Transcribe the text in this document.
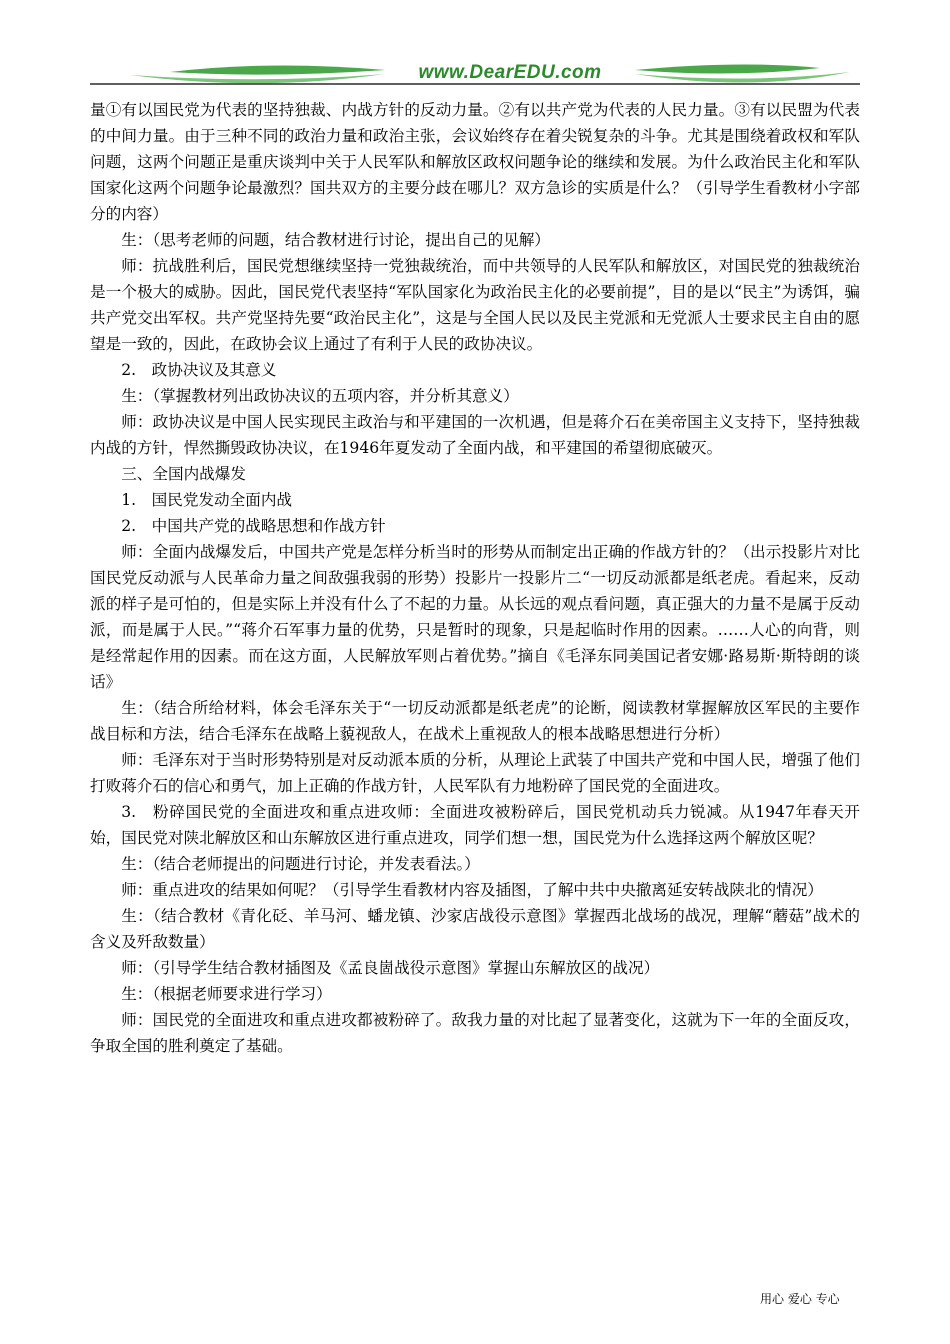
www.DearEDU.com

量①有以国民党为代表的坚持独裁、内战方针的反动力量。②有以共产党为代表的人民力量。③有以民盟为代表的中间力量。由于三种不同的政治力量和政治主张，会议始终存在着尖锐复杂的斗争。尤其是围绕着政权和军队问题，这两个问题正是重庆谈判中关于人民军队和解放区政权问题争论的继续和发展。为什么政治民主化和军队国家化这两个问题争论最激烈？国共双方的主要分歧在哪儿？双方急诊的实质是什么？（引导学生看教材小字部分的内容）

生：（思考老师的问题，结合教材进行讨论，提出自己的见解）

师：抗战胜利后，国民党想继续坚持一党独裁统治，而中共领导的人民军队和解放区，对国民党的独裁统治是一个极大的威胁。因此，国民党代表坚持“军队国家化为政治民主化的必要前提”，目的是以“民主”为诱饵，骗共产党交出军权。共产党坚持先要“政治民主化”，这是与全国人民以及民主党派和无党派人士要求民主自由的愿望是一致的，因此，在政协会议上通过了有利于人民的政协决议。

2.　政协决议及其意义

生：（掌握教材列出政协决议的五项内容，并分析其意义）

师：政协决议是中国人民实现民主政治与和平建国的一次机遇，但是蒋介石在美帝国主义支持下，坚持独裁内战的方针，悍然撕毁政协决议，在1946年夏发动了全面内战，和平建国的希望彻底破灭。

三、全国内战爆发

1.　国民党发动全面内战

2.　中国共产党的战略思想和作战方针

师：全面内战爆发后，中国共产党是怎样分析当时的形势从而制定出正确的作战方针的？（出示投影片对比国民党反动派与人民革命力量之间敌强我弱的形势）投影片一投影片二“一切反动派都是纸老虎。看起来，反动派的样子是可怕的，但是实际上并没有什么了不起的力量。从长远的观点看问题，真正强大的力量不是属于反动派，而是属于人民。”“蒋介石军事力量的优势，只是暂时的现象，只是起临时作用的因素。……人心的向背，则是经常起作用的因素。而在这方面，人民解放军则占着优势。”摘自《毛泽东同美国记者安娜·路易斯·斯特朗的谈话》

生：（结合所给材料，体会毛泽东关于“一切反动派都是纸老虎”的论断，阅读教材掌握解放区军民的主要作战目标和方法，结合毛泽东在战略上藐视敌人，在战术上重视敌人的根本战略思想进行分析）

师：毛泽东对于当时形势特别是对反动派本质的分析，从理论上武装了中国共产党和中国人民，增强了他们打败蒋介石的信心和勇气，加上正确的作战方针，人民军队有力地粉碎了国民党的全面进攻。

3.　粉碎国民党的全面进攻和重点进攻师：全面进攻被粉碎后，国民党机动兵力锐减。从1947年春天开始，国民党对陕北解放区和山东解放区进行重点进攻，同学们想一想，国民党为什么选择这两个解放区呢？

生：（结合老师提出的问题进行讨论，并发表看法。）

师：重点进攻的结果如何呢？（引导学生看教材内容及插图，了解中共中央撤离延安转战陕北的情况）

生：（结合教材《青化砭、羊马河、蟠龙镇、沙家店战役示意图》掌握西北战场的战况，理解“蘑菇”战术的含义及歼敌数量）

师：（引导学生结合教材插图及《孟良崮战役示意图》掌握山东解放区的战况）

生：（根据老师要求进行学习）

师：国民党的全面进攻和重点进攻都被粉碎了。敌我力量的对比起了显著变化，这就为下一年的全面反攻，争取全国的胜利奠定了基础。

用心 爱心 专心
